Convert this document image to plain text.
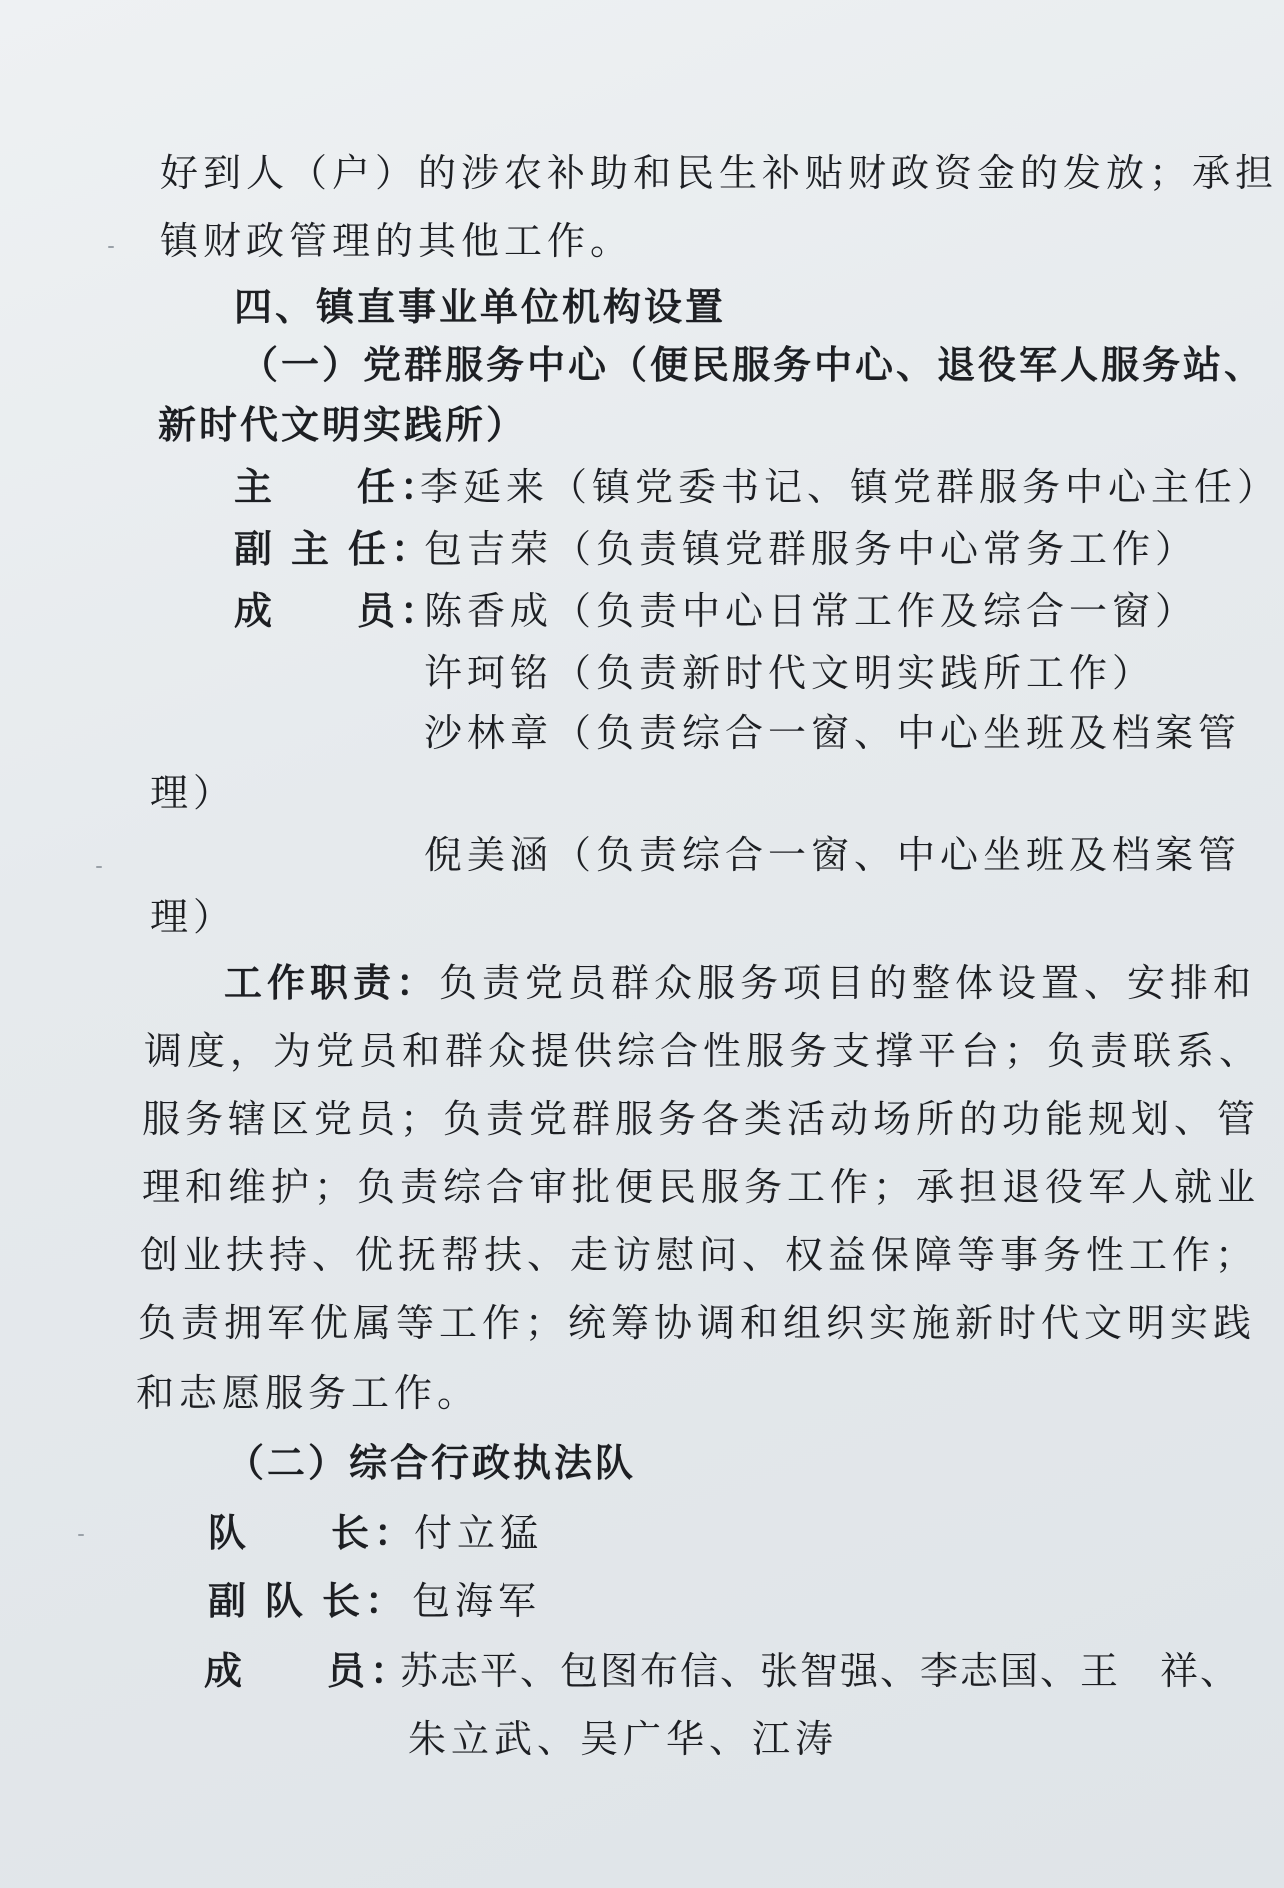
好到人（户）的涉农补助和民生补贴财政资金的发放；承担
镇财政管理的其他工作。
四、镇直事业单位机构设置
（一）党群服务中心（便民服务中心、退役军人服务站、
新时代文明实践所）
主 任：
李延来（镇党委书记、镇党群服务中心主任）
副 主 任：
包吉荣（负责镇党群服务中心常务工作）
成 员：
陈香成（负责中心日常工作及综合一窗）
许珂铭（负责新时代文明实践所工作）
沙林章（负责综合一窗、中心坐班及档案管
理）
倪美涵（负责综合一窗、中心坐班及档案管
理）
工作职责：负责党员群众服务项目的整体设置、安排和
调度，为党员和群众提供综合性服务支撑平台；负责联系、
服务辖区党员；负责党群服务各类活动场所的功能规划、管
理和维护；负责综合审批便民服务工作；承担退役军人就业
创业扶持、优抚帮扶、走访慰问、权益保障等事务性工作；
负责拥军优属等工作；统筹协调和组织实施新时代文明实践
和志愿服务工作。
（二）综合行政执法队
队 长：
付立猛
副 队 长： 包海军
成 员：
苏志平、包图布信、张智强、李志国、王　祥、
朱立武、吴广华、江涛
